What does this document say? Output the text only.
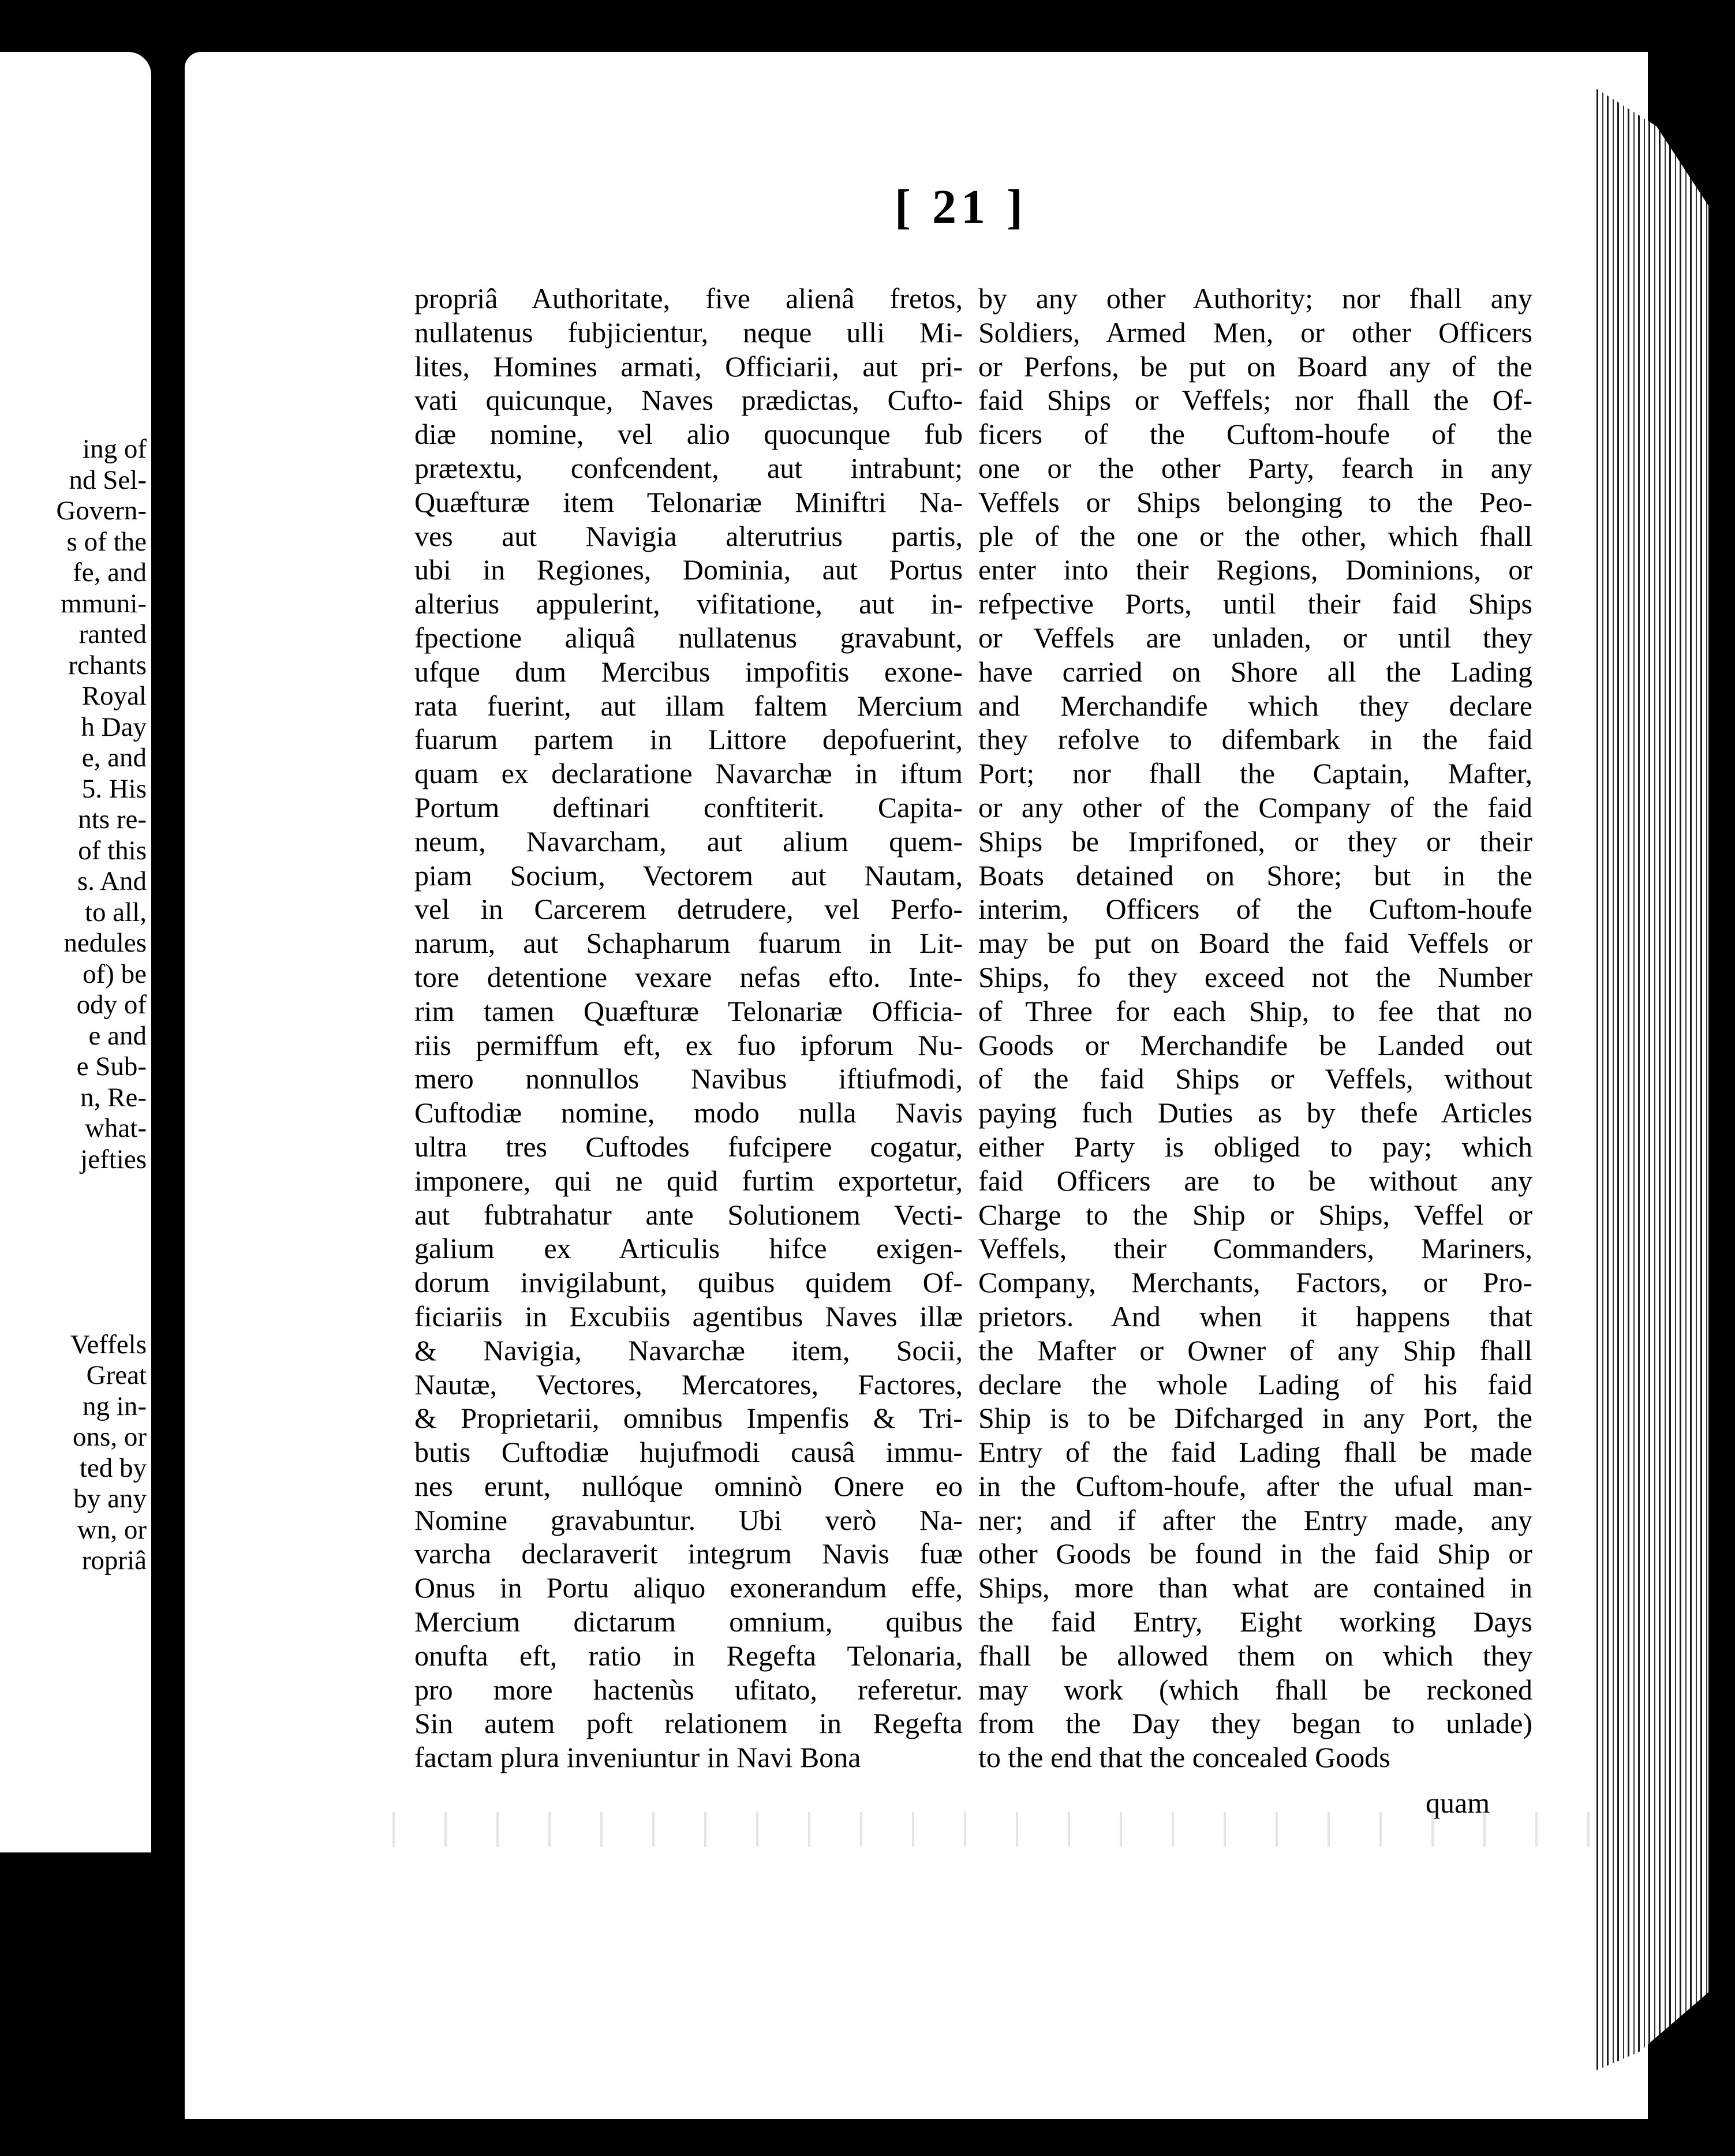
ing of
nd Sel-
Govern-
s of the
fe, and
mmuni-
ranted
rchants
Royal
h Day
e, and
5. His
nts re-
of this
s. And
to all,
nedules
of) be
ody of
e and
e Sub-
n, Re-
what-
jefties
Veffels
Great
ng in-
ons, or
ted by
by any
wn, or
ropriâ
[ 21 ]
propriâ Authoritate, five alienâ fretos,
nullatenus fubjicientur, neque ulli Mi-
lites, Homines armati, Officiarii, aut pri-
vati quicunque, Naves prædictas, Cufto-
diæ nomine, vel alio quocunque fub
prætextu, confcendent, aut intrabunt;
Quæfturæ item Telonariæ Miniftri Na-
ves aut Navigia alterutrius partis,
ubi in Regiones, Dominia, aut Portus
alterius appulerint, vifitatione, aut in-
fpectione aliquâ nullatenus gravabunt,
ufque dum Mercibus impofitis exone-
rata fuerint, aut illam faltem Mercium
fuarum partem in Littore depofuerint,
quam ex declaratione Navarchæ in iftum
Portum deftinari conftiterit. Capita-
neum, Navarcham, aut alium quem-
piam Socium, Vectorem aut Nautam,
vel in Carcerem detrudere, vel Perfo-
narum, aut Schapharum fuarum in Lit-
tore detentione vexare nefas efto. Inte-
rim tamen Quæfturæ Telonariæ Officia-
riis permiffum eft, ex fuo ipforum Nu-
mero nonnullos Navibus iftiufmodi,
Cuftodiæ nomine, modo nulla Navis
ultra tres Cuftodes fufcipere cogatur,
imponere, qui ne quid furtim exportetur,
aut fubtrahatur ante Solutionem Vecti-
galium ex Articulis hifce exigen-
dorum invigilabunt, quibus quidem Of-
ficiariis in Excubiis agentibus Naves illæ
& Navigia, Navarchæ item, Socii,
Nautæ, Vectores, Mercatores, Factores,
& Proprietarii, omnibus Impenfis & Tri-
butis Cuftodiæ hujufmodi causâ immu-
nes erunt, nullóque omninò Onere eo
Nomine gravabuntur. Ubi verò Na-
varcha declaraverit integrum Navis fuæ
Onus in Portu aliquo exonerandum effe,
Mercium dictarum omnium, quibus
onufta eft, ratio in Regefta Telonaria,
pro more hactenùs ufitato, referetur.
Sin autem poft relationem in Regefta
factam plura inveniuntur in Navi Bona
by any other Authority; nor fhall any
Soldiers, Armed Men, or other Officers
or Perfons, be put on Board any of the
faid Ships or Veffels; nor fhall the Of-
ficers of the Cuftom-houfe of the
one or the other Party, fearch in any
Veffels or Ships belonging to the Peo-
ple of the one or the other, which fhall
enter into their Regions, Dominions, or
refpective Ports, until their faid Ships
or Veffels are unladen, or until they
have carried on Shore all the Lading
and Merchandife which they declare
they refolve to difembark in the faid
Port; nor fhall the Captain, Mafter,
or any other of the Company of the faid
Ships be Imprifoned, or they or their
Boats detained on Shore; but in the
interim, Officers of the Cuftom-houfe
may be put on Board the faid Veffels or
Ships, fo they exceed not the Number
of Three for each Ship, to fee that no
Goods or Merchandife be Landed out
of the faid Ships or Veffels, without
paying fuch Duties as by thefe Articles
either Party is obliged to pay; which
faid Officers are to be without any
Charge to the Ship or Ships, Veffel or
Veffels, their Commanders, Mariners,
Company, Merchants, Factors, or Pro-
prietors. And when it happens that
the Mafter or Owner of any Ship fhall
declare the whole Lading of his faid
Ship is to be Difcharged in any Port, the
Entry of the faid Lading fhall be made
in the Cuftom-houfe, after the ufual man-
ner; and if after the Entry made, any
other Goods be found in the faid Ship or
Ships, more than what are contained in
the faid Entry, Eight working Days
fhall be allowed them on which they
may work (which fhall be reckoned
from the Day they began to unlade)
to the end that the concealed Goods
quam
